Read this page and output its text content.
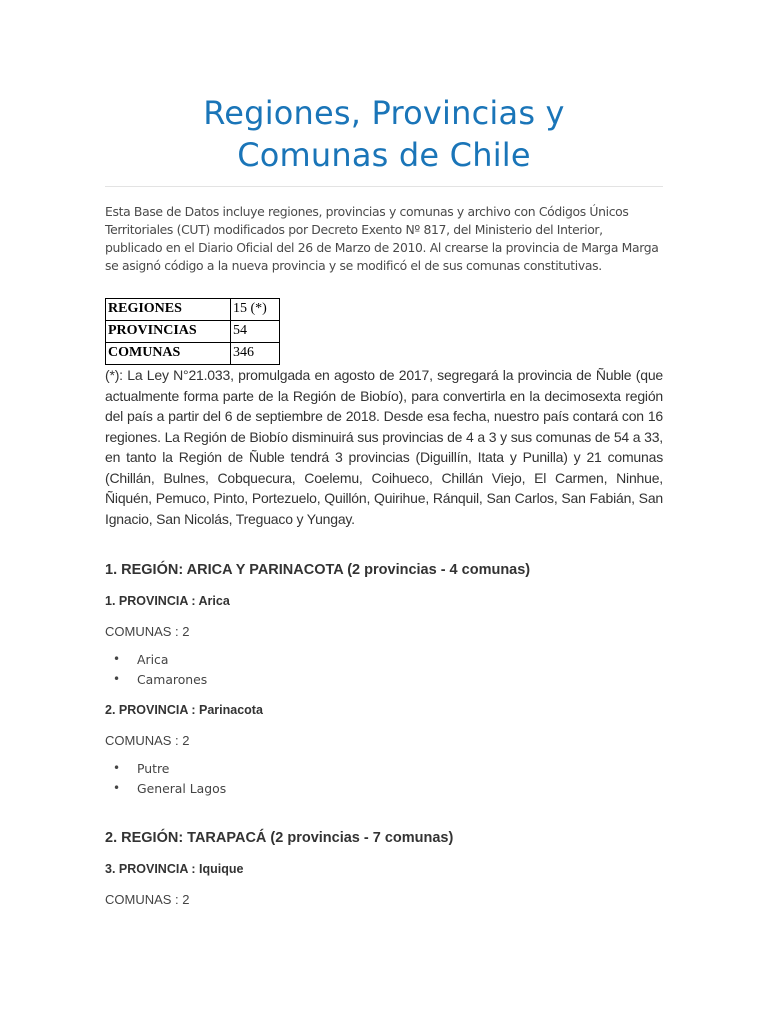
Regiones, Provincias y
Comunas de Chile

Esta Base de Datos incluye regiones, provincias y comunas y archivo con Códigos Únicos Territoriales (CUT) modificados por Decreto Exento Nº 817, del Ministerio del Interior, publicado en el Diario Oficial del 26 de Marzo de 2010. Al crearse la provincia de Marga Marga se asignó código a la nueva provincia y se modificó el de sus comunas constitutivas.

REGIONES	15 (*)
PROVINCIAS	54
COMUNAS	346

(*): La Ley N°21.033, promulgada en agosto de 2017, segregará la provincia de Ñuble (que actualmente forma parte de la Región de Biobío), para convertirla en la decimosexta región del país a partir del 6 de septiembre de 2018. Desde esa fecha, nuestro país contará con 16 regiones. La Región de Biobío disminuirá sus provincias de 4 a 3 y sus comunas de 54 a 33, en tanto la Región de Ñuble tendrá 3 provincias (Diguillín, Itata y Punilla) y 21 comunas (Chillán, Bulnes, Cobquecura, Coelemu, Coihueco, Chillán Viejo, El Carmen, Ninhue, Ñiquén, Pemuco, Pinto, Portezuelo, Quillón, Quirihue, Ránquil, San Carlos, San Fabián, San Ignacio, San Nicolás, Treguaco y Yungay.

1. REGIÓN: ARICA Y PARINACOTA (2 provincias - 4 comunas)
1. PROVINCIA : Arica

COMUNAS : 2

• Arica
• Camarones
2. PROVINCIA : Parinacota

COMUNAS : 2

• Putre
• General Lagos
2. REGIÓN: TARAPACÁ (2 provincias - 7 comunas)
3. PROVINCIA : Iquique

COMUNAS : 2
